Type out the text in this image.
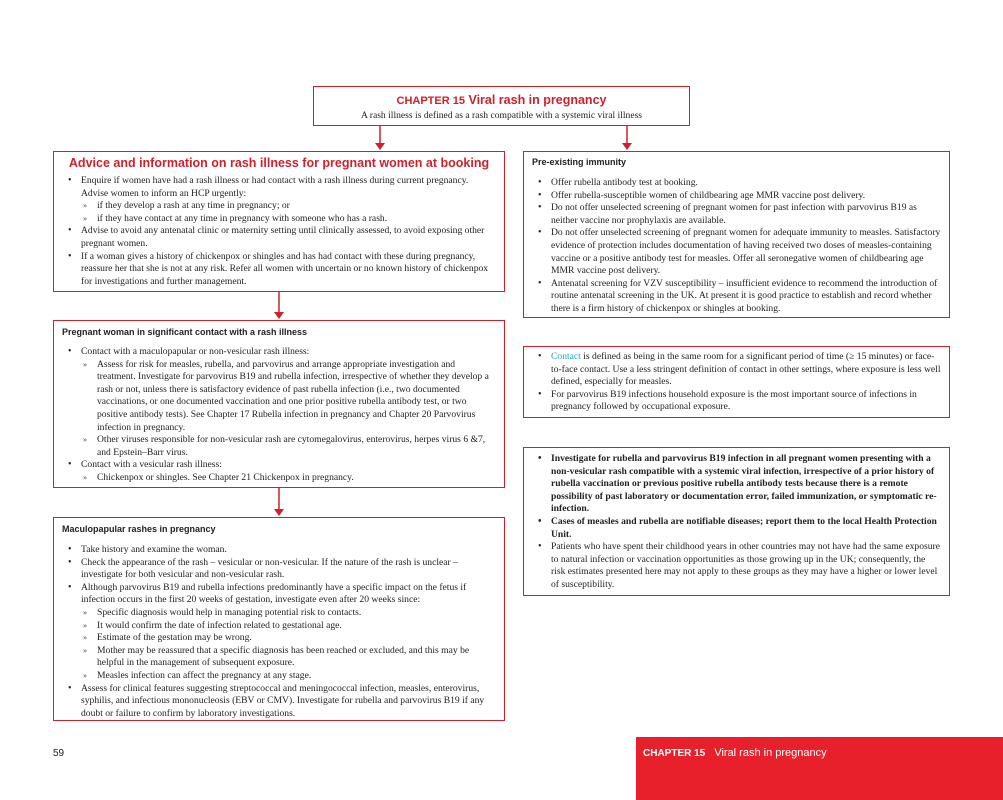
CHAPTER 15 Viral rash in pregnancy
A rash illness is defined as a rash compatible with a systemic viral illness
Advice and information on rash illness for pregnant women at booking
• Enquire if women have had a rash illness or had contact with a rash illness during current pregnancy. Advise women to inform an HCP urgently:
» if they develop a rash at any time in pregnancy; or
» if they have contact at any time in pregnancy with someone who has a rash.
• Advise to avoid any antenatal clinic or maternity setting until clinically assessed, to avoid exposing other pregnant women.
• If a woman gives a history of chickenpox or shingles and has had contact with these during pregnancy, reassure her that she is not at any risk. Refer all women with uncertain or no known history of chickenpox for investigations and further management.
Pregnant woman in significant contact with a rash illness
• Contact with a maculopapular or non-vesicular rash illness:
» Assess for risk for measles, rubella, and parvovirus and arrange appropriate investigation and treatment. Investigate for parvovirus B19 and rubella infection, irrespective of whether they develop a rash or not, unless there is satisfactory evidence of past rubella infection (i.e., two documented vaccinations, or one documented vaccination and one prior positive rubella antibody test, or two positive antibody tests). See Chapter 17 Rubella infection in pregnancy and Chapter 20 Parvovirus infection in pregnancy.
» Other viruses responsible for non-vesicular rash are cytomegalovirus, enterovirus, herpes virus 6 &7, and Epstein–Barr virus.
• Contact with a vesicular rash illness:
» Chickenpox or shingles. See Chapter 21 Chickenpox in pregnancy.
Maculopapular rashes in pregnancy
• Take history and examine the woman.
• Check the appearance of the rash – vesicular or non-vesicular. If the nature of the rash is unclear – investigate for both vesicular and non-vesicular rash.
• Although parvovirus B19 and rubella infections predominantly have a specific impact on the fetus if infection occurs in the first 20 weeks of gestation, investigate even after 20 weeks since:
» Specific diagnosis would help in managing potential risk to contacts.
» It would confirm the date of infection related to gestational age.
» Estimate of the gestation may be wrong.
» Mother may be reassured that a specific diagnosis has been reached or excluded, and this may be helpful in the management of subsequent exposure.
» Measles infection can affect the pregnancy at any stage.
• Assess for clinical features suggesting streptococcal and meningococcal infection, measles, enterovirus, syphilis, and infectious mononucleosis (EBV or CMV). Investigate for rubella and parvovirus B19 if any doubt or failure to confirm by laboratory investigations.
Pre-existing immunity
• Offer rubella antibody test at booking.
• Offer rubella-susceptible women of childbearing age MMR vaccine post delivery.
• Do not offer unselected screening of pregnant women for past infection with parvovirus B19 as neither vaccine nor prophylaxis are available.
• Do not offer unselected screening of pregnant women for adequate immunity to measles. Satisfactory evidence of protection includes documentation of having received two doses of measles-containing vaccine or a positive antibody test for measles. Offer all seronegative women of childbearing age MMR vaccine post delivery.
• Antenatal screening for VZV susceptibility – insufficient evidence to recommend the introduction of routine antenatal screening in the UK. At present it is good practice to establish and record whether there is a firm history of chickenpox or shingles at booking.
• Contact is defined as being in the same room for a significant period of time (≥ 15 minutes) or face-to-face contact. Use a less stringent definition of contact in other settings, where exposure is less well defined, especially for measles.
• For parvovirus B19 infections household exposure is the most important source of infections in pregnancy followed by occupational exposure.
• Investigate for rubella and parvovirus B19 infection in all pregnant women presenting with a non-vesicular rash compatible with a systemic viral infection, irrespective of a prior history of rubella vaccination or previous positive rubella antibody tests because there is a remote possibility of past laboratory or documentation error, failed immunization, or symptomatic re-infection.
• Cases of measles and rubella are notifiable diseases; report them to the local Health Protection Unit.
• Patients who have spent their childhood years in other countries may not have had the same exposure to natural infection or vaccination opportunities as those growing up in the UK; consequently, the risk estimates presented here may not apply to these groups as they may have a higher or lower level of susceptibility.
59	CHAPTER 15 Viral rash in pregnancy
